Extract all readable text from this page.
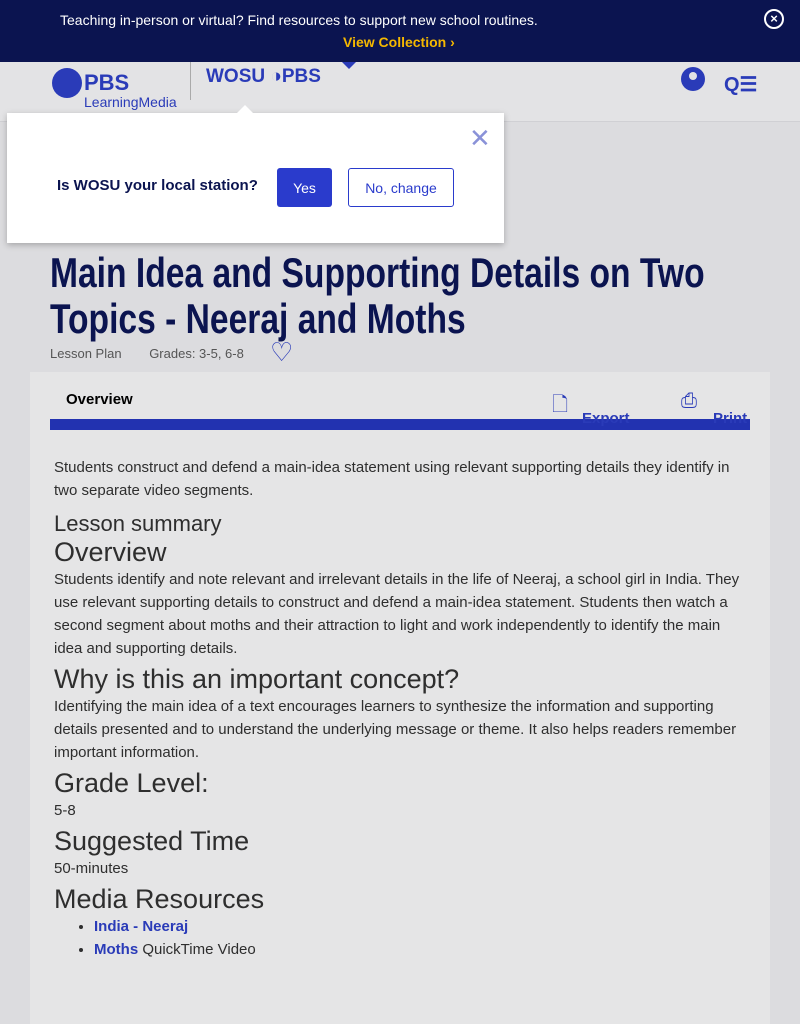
Teaching in-person or virtual? Find resources to support new school routines.
View Collection ›
×
PBS
LearningMedia
WOSU ◑PBS	Q☰
Main Idea and Supporting Details on Two Topics - Neeraj and Moths
Lesson Plan Grades: 3-5, 6-8	♡
Overview	🗋
Export
⎙
Print

Students construct and defend a main-idea statement using relevant supporting details they identify in two separate video segments.

Lesson summary
Overview

Students identify and note relevant and irrelevant details in the life of Neeraj, a school girl in India. They use relevant supporting details to construct and defend a main-idea statement. Students then watch a second segment about moths and their attraction to light and work independently to identify the main idea and supporting details.

Why is this an important concept?

Identifying the main idea of a text encourages learners to synthesize the information and supporting details presented and to understand the underlying message or theme. It also helps readers remember important information.

Grade Level:

5-8

Suggested Time

50-minutes

Media Resources
• India - Neeraj
• Moths QuickTime Video
✕
Is WOSU your local station?	Yes	No, change
